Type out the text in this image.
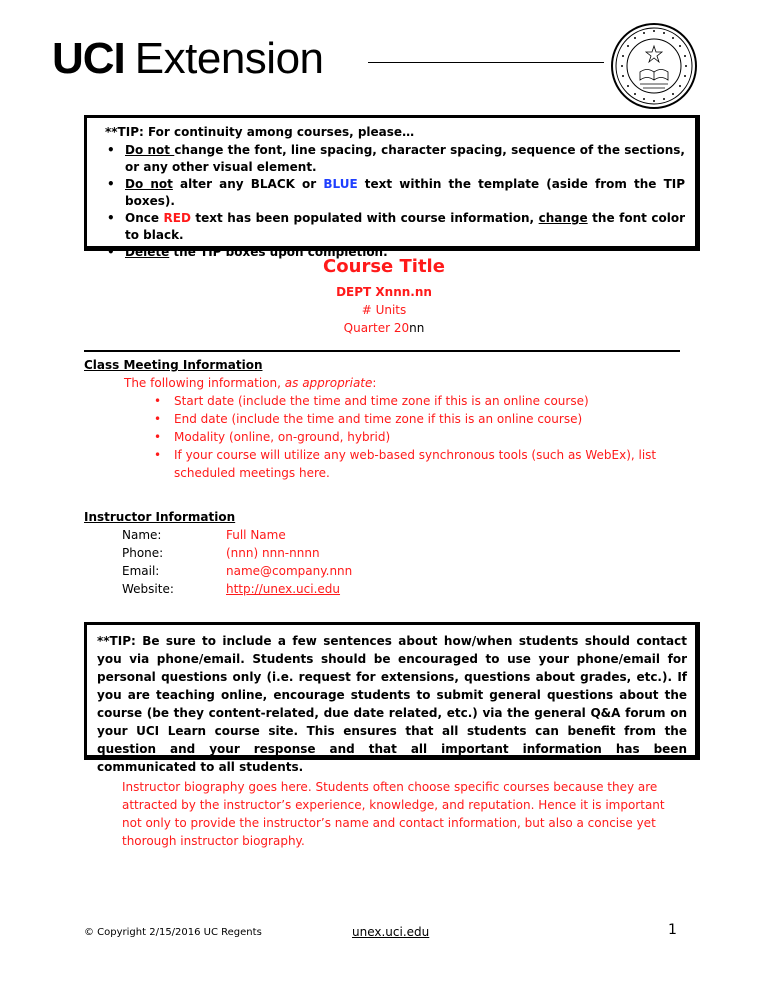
UCI Extension
**TIP: For continuity among courses, please…
• Do not change the font, line spacing, character spacing, sequence of the sections, or any other visual element.
• Do not alter any BLACK or BLUE text within the template (aside from the TIP boxes).
• Once RED text has been populated with course information, change the font color to black.
• Delete the TIP boxes upon completion.
Course Title
DEPT Xnnn.nn
# Units
Quarter 20nn
Class Meeting Information
The following information, as appropriate:
• Start date (include the time and time zone if this is an online course)
• End date (include the time and time zone if this is an online course)
• Modality (online, on-ground, hybrid)
• If your course will utilize any web-based synchronous tools (such as WebEx), list scheduled meetings here.
Instructor Information
Name:	Full Name
Phone:	(nnn) nnn-nnnn
Email:	name@company.nnn
Website:	http://unex.uci.edu
**TIP: Be sure to include a few sentences about how/when students should contact you via phone/email. Students should be encouraged to use your phone/email for personal questions only (i.e. request for extensions, questions about grades, etc.). If you are teaching online, encourage students to submit general questions about the course (be they content-related, due date related, etc.) via the general Q&A forum on your UCI Learn course site. This ensures that all students can benefit from the question and your response and that all important information has been communicated to all students.
Instructor biography goes here. Students often choose specific courses because they are attracted by the instructor’s experience, knowledge, and reputation. Hence it is important not only to provide the instructor’s name and contact information, but also a concise yet thorough instructor biography.
© Copyright 2/15/2016 UC Regents	unex.uci.edu	1
